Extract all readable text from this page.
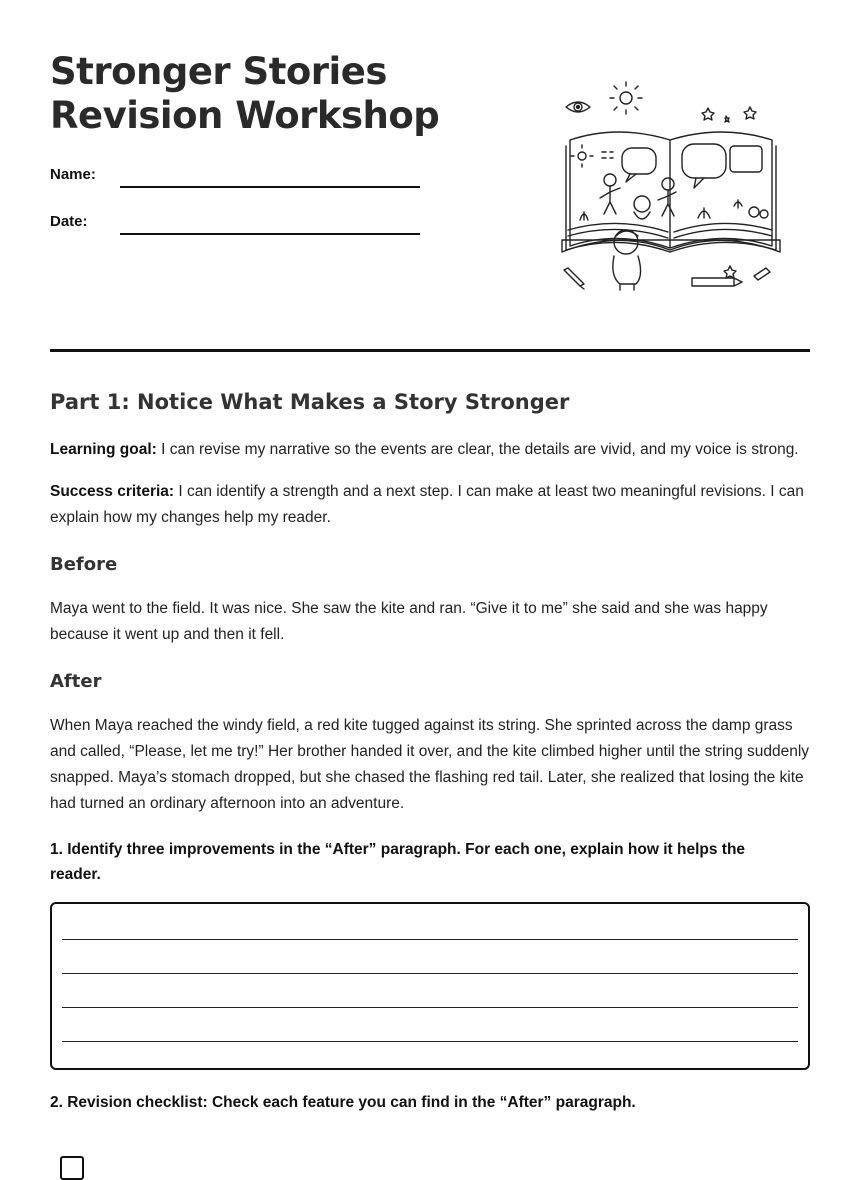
Stronger Stories
Revision Workshop
Name:
Date:
Part 1: Notice What Makes a Story Stronger

Learning goal: I can revise my narrative so the events are clear, the details are vivid, and my voice is strong.

Success criteria: I can identify a strength and a next step. I can make at least two meaningful revisions. I can explain how my changes help my reader.

Before

Maya went to the field. It was nice. She saw the kite and ran. “Give it to me” she said and she was happy because it went up and then it fell.

After

When Maya reached the windy field, a red kite tugged against its string. She sprinted across the damp grass and called, “Please, let me try!” Her brother handed it over, and the kite climbed higher until the string suddenly snapped. Maya’s stomach dropped, but she chased the flashing red tail. Later, she realized that losing the kite had turned an ordinary afternoon into an adventure.

1. Identify three improvements in the “After” paragraph. For each one, explain how it helps the reader.

2. Revision checklist: Check each feature you can find in the “After” paragraph.
